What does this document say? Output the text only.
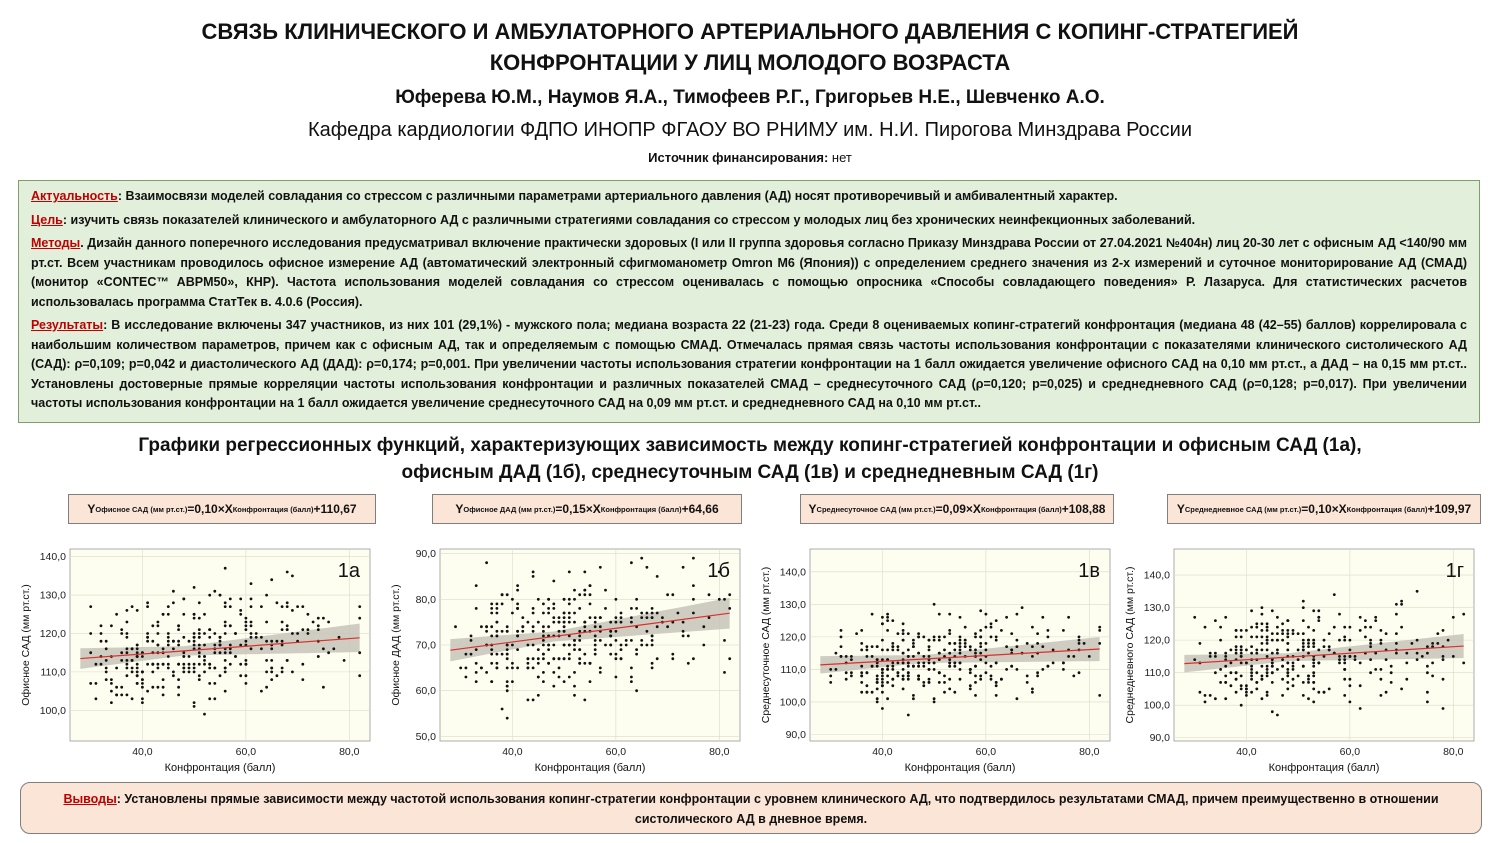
СВЯЗЬ КЛИНИЧЕСКОГО И АМБУЛАТОРНОГО АРТЕРИАЛЬНОГО ДАВЛЕНИЯ С КОПИНГ-СТРАТЕГИЕЙ
КОНФРОНТАЦИИ У ЛИЦ МОЛОДОГО ВОЗРАСТА
Юферева Ю.М., Наумов Я.А., Тимофеев Р.Г., Григорьев Н.Е., Шевченко А.О.
Кафедра кардиологии ФДПО ИНОПР ФГАОУ ВО РНИМУ им. Н.И. Пирогова Минздрава России
Источник финансирования: нет

Актуальность: Взаимосвязи моделей совладания со стрессом с различными параметрами артериального давления (АД) носят противоречивый и амбивалентный характер.

Цель: изучить связь показателей клинического и амбулаторного АД с различными стратегиями совладания со стрессом у молодых лиц без хронических неинфекционных заболеваний.

Методы. Дизайн данного поперечного исследования предусматривал включение практически здоровых (I или II группа здоровья согласно Приказу Минздрава России от 27.04.2021 №404н) лиц 20-30 лет с офисным АД <140/90 мм рт.ст. Всем участникам проводилось офисное измерение АД (автоматический электронный сфигмоманометр Omron M6 (Япония)) с определением среднего значения из 2-х измерений и суточное мониторирование АД (СМАД) (монитор «CONTEC™ ABPM50», КНР). Частота использования моделей совладания со стрессом оценивалась с помощью опросника «Способы совладающего поведения» Р. Лазаруса. Для статистических расчетов использовалась программа СтатТек в. 4.0.6 (Россия).

Результаты: В исследование включены 347 участников, из них 101 (29,1%) - мужского пола; медиана возраста 22 (21-23) года. Среди 8 оцениваемых копинг-стратегий конфронтация (медиана 48 (42–55) баллов) коррелировала с наибольшим количеством параметров, причем как с офисным АД, так и определяемым с помощью СМАД. Отмечалась прямая связь частоты использования конфронтации с показателями клинического систолического АД (САД): ρ=0,109; p=0,042 и диастолического АД (ДАД): ρ=0,174; p=0,001. При увеличении частоты использования стратегии конфронтации на 1 балл ожидается увеличение офисного САД на 0,10 мм рт.ст., а ДАД – на 0,15 мм рт.ст.. Установлены достоверные прямые корреляции частоты использования конфронтации и различных показателей СМАД – среднесуточного САД (ρ=0,120; p=0,025) и среднедневного САД (ρ=0,128; p=0,017). При увеличении частоты использования конфронтации на 1 балл ожидается увеличение среднесуточного САД на 0,09 мм рт.ст. и среднедневного САД на 0,10 мм рт.ст..

Графики регрессионных функций, характеризующих зависимость между копинг-стратегией конфронтации и офисным САД (1а),
офисным ДАД (1б), среднесуточным САД (1в) и среднедневным САД (1г)
Y Офисное САД (мм рт.ст.) =0,10×X Конфронтация (балл) +110,67	Y Офисное ДАД (мм рт.ст.) =0,15×X Конфронтация (балл) +64,66	Y Среднесуточное САД (мм рт.ст.) =0,09×X Конфронтация (балл) +108,88	Y Среднедневное САД (мм рт.ст.) =0,10×X Конфронтация (балл) +109,97
100,0
110,0
120,0
130,0
140,0
40,0	60,0	80,0
1а
Конфронтация (балл)
Офисное САД (мм рт.ст.)
50,0
60,0
70,0
80,0
90,0
40,0	60,0	80,0
1б
Конфронтация (балл)
Офисное ДАД (мм рт.ст.)
90,0
100,0
110,0
120,0
130,0
140,0
40,0	60,0	80,0
1в
Конфронтация (балл)
Среднесуточное САД (мм рт.ст.)
90,0
100,0
110,0
120,0
130,0
140,0
40,0	60,0	80,0
1г
Конфронтация (балл)
Среднедневного САД (мм рт.ст.)
Выводы: Установлены прямые зависимости между частотой использования копинг-стратегии конфронтации с уровнем клинического АД, что подтвердилось результатами СМАД, причем преимущественно в отношении систолического АД в дневное время.
